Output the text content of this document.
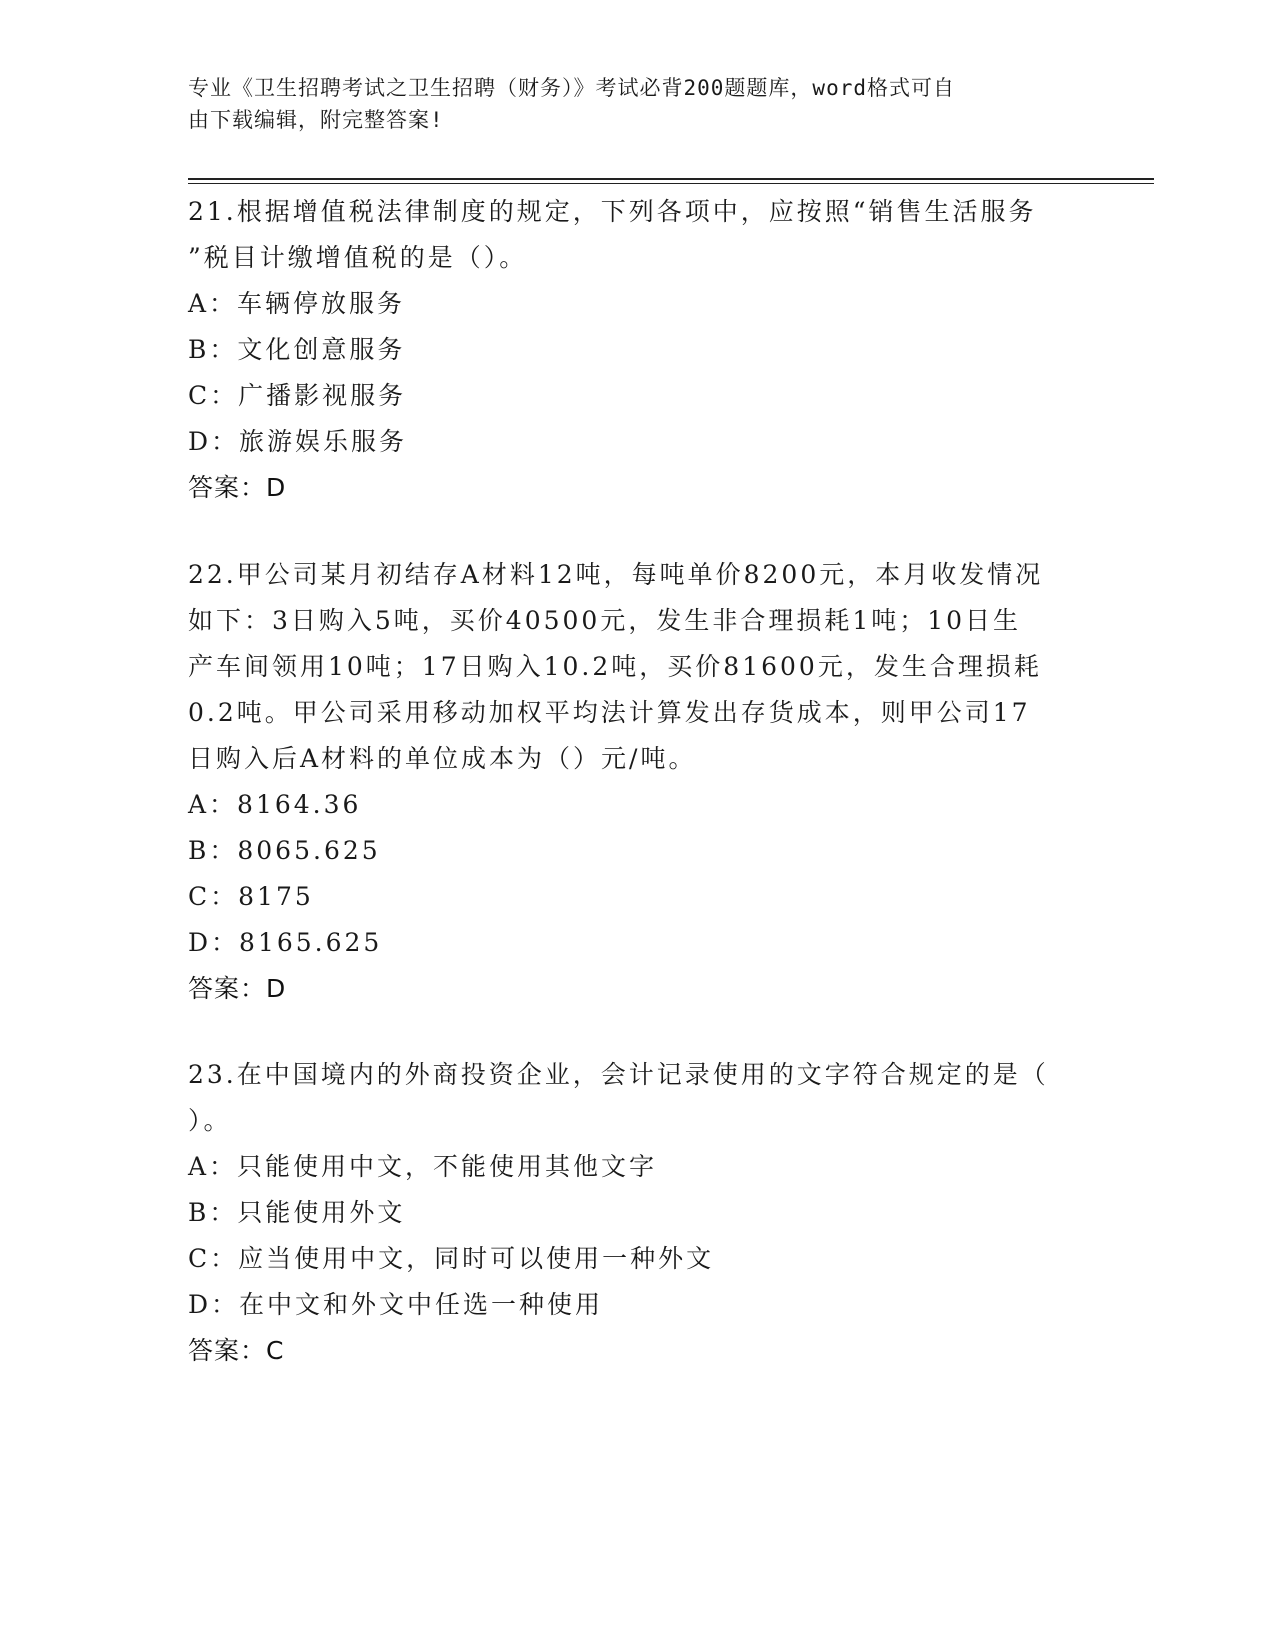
专业《卫生招聘考试之卫生招聘（财务）》考试必背200题题库，word格式可自
由下载编辑，附完整答案!

21.根据增值税法律制度的规定，下列各项中，应按照“销售生活服务

”税目计缴增值税的是（）。

A：车辆停放服务

B：文化创意服务

C：广播影视服务

D：旅游娱乐服务

答案：D

22.甲公司某月初结存A材料12吨，每吨单价8200元，本月收发情况

如下：3日购入5吨，买价40500元，发生非合理损耗1吨；10日生

产车间领用10吨；17日购入10.2吨，买价81600元，发生合理损耗

0.2吨。甲公司采用移动加权平均法计算发出存货成本，则甲公司17

日购入后A材料的单位成本为（）元/吨。

A：8164.36

B：8065.625

C：8175

D：8165.625

答案：D

23.在中国境内的外商投资企业，会计记录使用的文字符合规定的是（

）。

A：只能使用中文，不能使用其他文字

B：只能使用外文

C：应当使用中文，同时可以使用一种外文

D：在中文和外文中任选一种使用

答案：C
